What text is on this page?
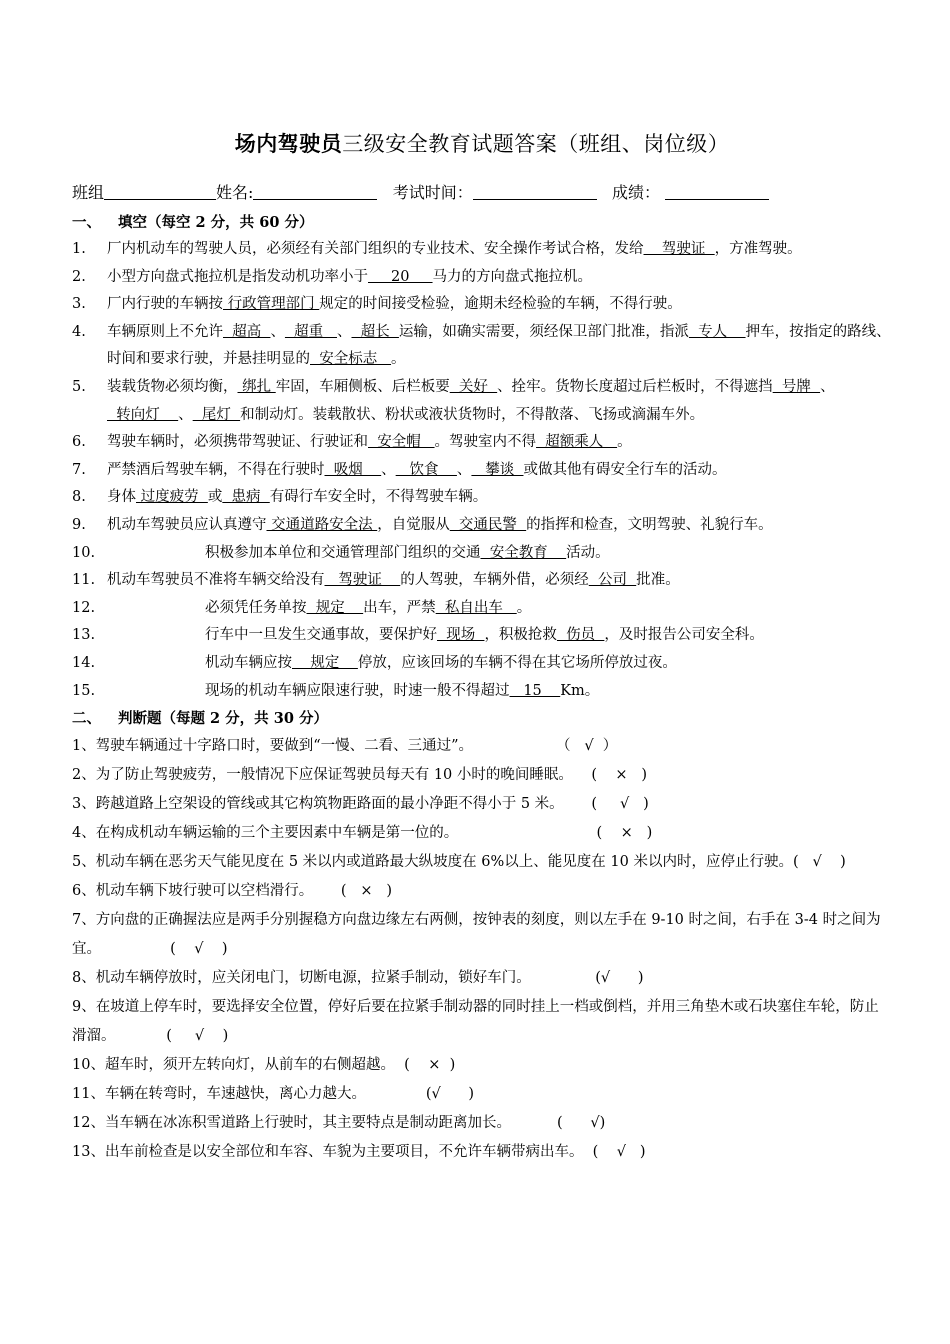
场内驾驶员三级安全教育试题答案（班组、岗位级）
班组	姓名:	考试时间：	成绩：
一、 填空（每空 2 分，共 60 分）
1. 厂内机动车的驾驶人员，必须经有关部门组织的专业技术、安全操作考试合格，发给    驾驶证  ，方准驾驶。
2. 小型方向盘式拖拉机是指发动机功率小于     20     马力的方向盘式拖拉机。
3. 厂内行驶的车辆按 行政管理部门 规定的时间接受检验，逾期未经检验的车辆，不得行驶。
4. 车辆原则上不允许  超高  、  超重   、  超长  运输，如确实需要，须经保卫部门批准，指派  专人    押车，按指定的路线、时间和要求行驶，并悬挂明显的  安全标志   。
5. 装载货物必须均衡， 绑扎 牢固，车厢侧板、后栏板要  关好  、拴牢。货物长度超过后栏板时，不得遮挡  号牌  、  转向灯    、  尾灯  和制动灯。装载散状、粉状或液状货物时，不得散落、飞扬或滴漏车外。
6. 驾驶车辆时，必须携带驾驶证、行驶证和  安全帽   。驾驶室内不得  超额乘人   。
7. 严禁酒后驾驶车辆，不得在行驶时  吸烟    、   饮食    、   攀谈  或做其他有碍安全行车的活动。
8. 身体 过度疲劳  或  患病  有碍行车安全时，不得驾驶车辆。
9. 机动车驾驶员应认真遵守 交通道路安全法 ，自觉服从  交通民警  的指挥和检查，文明驾驶、礼貌行车。
10.	积极参加本单位和交通管理部门组织的交通  安全教育    活动。
11. 机动车驾驶员不准将车辆交给没有   驾驶证    的人驾驶，车辆外借，必须经  公司  批准。
12.	必须凭任务单按  规定    出车，严禁  私自出车   。
13.	行车中一旦发生交通事故，要保护好  现场  ，积极抢救  伤员  ，及时报告公司安全科。
14.	机动车辆应按    规定    停放，应该回场的车辆不得在其它场所停放过夜。
15.	现场的机动车辆应限速行驶，时速一般不得超过   15    Km。
二、 判断题（每题 2 分，共 30 分）
1、驾驶车辆通过十字路口时，要做到“一慢、二看、三通过”。                  （   √  ）
2、为了防止驾驶疲劳，一般情况下应保证驾驶员每天有 10 小时的晚间睡眠。    (    ×   )
3、跨越道路上空架设的管线或其它构筑物距路面的最小净距不得小于 5 米。      (     √   )
4、在构成机动车辆运输的三个主要因素中车辆是第一位的。                              (    ×   )
5、机动车辆在恶劣天气能见度在 5 米以内或道路最大纵坡度在 6%以上、能见度在 10 米以内时，应停止行驶。(   √    )
6、机动车辆下坡行驶可以空档滑行。      (   ×   )
7、方向盘的正确握法应是两手分别握稳方向盘边缘左右两侧，按钟表的刻度，则以左手在 9-10 时之间，右手在 3-4 时之间为宜。               (    √    )
8、机动车辆停放时，应关闭电门，切断电源，拉紧手制动，锁好车门。              (√      )
9、在坡道上停车时，要选择安全位置，停好后要在拉紧手制动器的同时挂上一档或倒档，并用三角垫木或石块塞住车轮，防止滑溜。           (     √    )
10、超车时，须开左转向灯，从前车的右侧超越。  (    ×  )
11、车辆在转弯时，车速越快，离心力越大。             (√      )
12、当车辆在冰冻积雪道路上行驶时，其主要特点是制动距离加长。          (      √)
13、出车前检查是以安全部位和车容、车貌为主要项目，不允许车辆带病出车。  (    √   )
